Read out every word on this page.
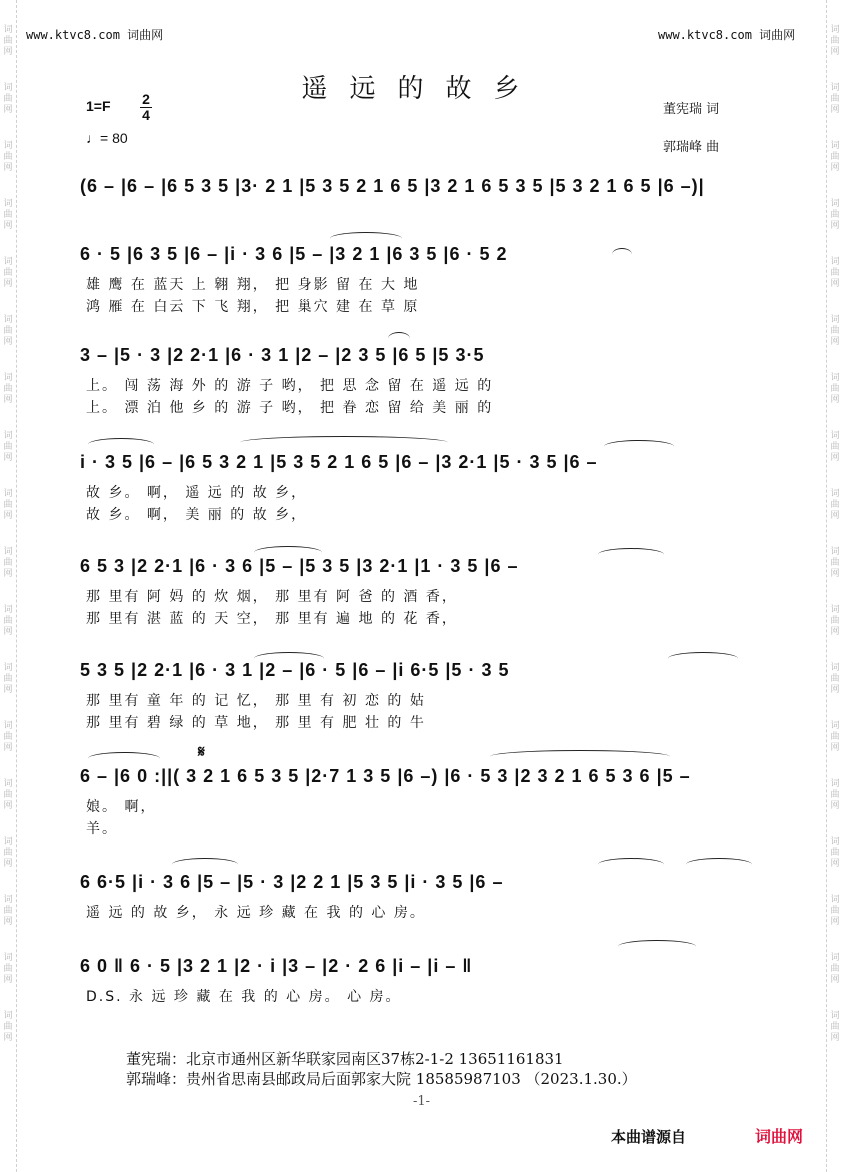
词
曲
网
词
曲
网
词
曲
网
词
曲
网
词
曲
网
词
曲
网
词
曲
网
词
曲
网
词
曲
网
词
曲
网
词
曲
网
词
曲
网
词
曲
网
词
曲
网
词
曲
网
词
曲
网
词
曲
网
词
曲
网
词
曲
网
词
曲
网
词
曲
网
词
曲
网
词
曲
网
词
曲
网
词
曲
网
词
曲
网
词
曲
网
词
曲
网
词
曲
网
词
曲
网
词
曲
网
词
曲
网
词
曲
网
词
曲
网
词
曲
网
词
曲
网
www.ktvc8.com 词曲网	www.ktvc8.com 词曲网
遥远的故乡
1=F 2
4
♩= 80
董宪瑞 词
郭瑞峰 曲
(6 – |6 – |6 5 3 5 |3· 2 1 |5 3 5 2 1 6 5 |3 2 1 6 5 3 5 |5 3 2 1 6 5 |6 –)|
6 · 5 |6 3 5 |6 – |i · 3 6 |5 – |3 2 1 |6 3 5 |6 · 5 2
雄 鹰 在 蓝天 上 翱 翔， 把 身影 留 在 大 地
鸿 雁 在 白云 下 飞 翔， 把 巢穴 建 在 草 原
3 – |5 · 3 |2 2·1 |6 · 3 1 |2 – |2 3 5 |6 5 |5 3·5
上。 闯 荡 海 外 的 游 子 哟， 把 思 念 留 在 遥 远 的
上。 漂 泊 他 乡 的 游 子 哟， 把 眷 恋 留 给 美 丽 的
i · 3 5 |6 – |6 5 3 2 1 |5 3 5 2 1 6 5 |6 – |3 2·1 |5 · 3 5 |6 –
故 乡。 啊， 遥 远 的 故 乡，
故 乡。 啊， 美 丽 的 故 乡，
6 5 3 |2 2·1 |6 · 3 6 |5 – |5 3 5 |3 2·1 |1 · 3 5 |6 –
那 里有 阿 妈 的 炊 烟， 那 里有 阿 爸 的 酒 香，
那 里有 湛 蓝 的 天 空， 那 里有 遍 地 的 花 香，
5 3 5 |2 2·1 |6 · 3 1 |2 – |6 · 5 |6 – |i 6·5 |5 · 3 5
那 里有 童 年 的 记 忆， 那 里 有 初 恋 的 姑
那 里有 碧 绿 的 草 地， 那 里 有 肥 壮 的 牛
6 – |6 0 :||( 3 2 1 6 5 3 5 |2·7 1 3 5 |6 –) |6 · 5 3 |2 3 2 1 6 5 3 6 |5 –
娘。 啊，
羊。
6 6·5 |i · 3 6 |5 – |5 · 3 |2 2 1 |5 3 5 |i · 3 5 |6 –
遥 远 的 故 乡， 永 远 珍 藏 在 我 的 心 房。
6 0 ‖ 6 · 5 |3 2 1 |2 · i |3 – |2 · 2 6 |i – |i – ‖
D.S. 永 远 珍 藏 在 我 的 心 房。 心 房。
𝄋
董宪瑞：北京市通州区新华联家园南区37栋2-1-2 13651161831
郭瑞峰：贵州省思南县邮政局后面郭家大院 18585987103 （2023.1.30.）
-1-
本曲谱源自	词曲网
